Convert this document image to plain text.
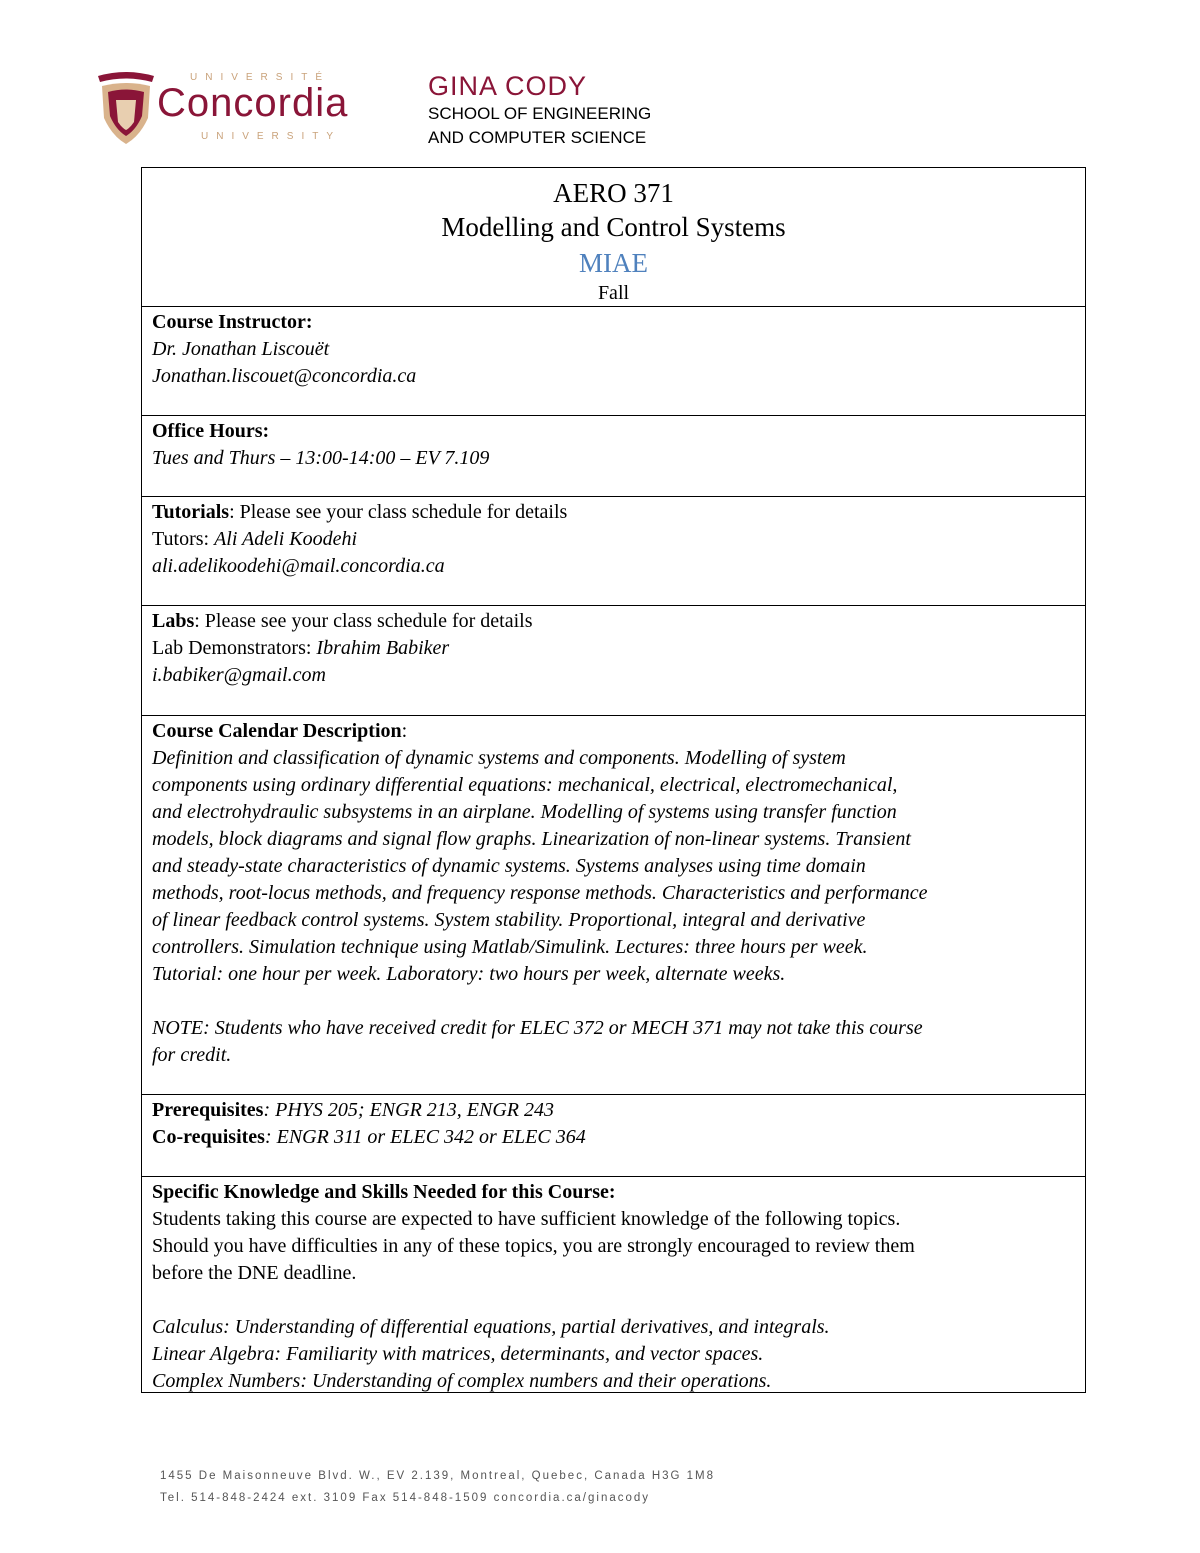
UNIVERSITÉ
Concordia
UNIVERSITY
GINA CODY
SCHOOL OF ENGINEERING
AND COMPUTER SCIENCE
AERO 371
Modelling and Control Systems
MIAE
Fall
Course Instructor:
Dr. Jonathan Liscouët
Jonathan.liscouet@concordia.ca
Office Hours:
Tues and Thurs – 13:00-14:00 – EV 7.109
Tutorials: Please see your class schedule for details
Tutors: Ali Adeli Koodehi
ali.adelikoodehi@mail.concordia.ca
Labs: Please see your class schedule for details
Lab Demonstrators: Ibrahim Babiker
i.babiker@gmail.com
Course Calendar Description:
Definition and classification of dynamic systems and components. Modelling of system
components using ordinary differential equations: mechanical, electrical, electromechanical,
and electrohydraulic subsystems in an airplane. Modelling of systems using transfer function
models, block diagrams and signal flow graphs. Linearization of non-linear systems. Transient
and steady-state characteristics of dynamic systems. Systems analyses using time domain
methods, root-locus methods, and frequency response methods. Characteristics and performance
of linear feedback control systems. System stability. Proportional, integral and derivative
controllers. Simulation technique using Matlab/Simulink. Lectures: three hours per week.
Tutorial: one hour per week. Laboratory: two hours per week, alternate weeks.
NOTE: Students who have received credit for ELEC 372 or MECH 371 may not take this course
for credit.
Prerequisites: PHYS 205; ENGR 213, ENGR 243
Co-requisites: ENGR 311 or ELEC 342 or ELEC 364
Specific Knowledge and Skills Needed for this Course:
Students taking this course are expected to have sufficient knowledge of the following topics.
Should you have difficulties in any of these topics, you are strongly encouraged to review them
before the DNE deadline.
Calculus: Understanding of differential equations, partial derivatives, and integrals.
Linear Algebra: Familiarity with matrices, determinants, and vector spaces.
Complex Numbers: Understanding of complex numbers and their operations.
1455 De Maisonneuve Blvd. W., EV 2.139, Montreal, Quebec, Canada H3G 1M8
Tel. 514-848-2424 ext. 3109 Fax 514-848-1509 concordia.ca/ginacody
